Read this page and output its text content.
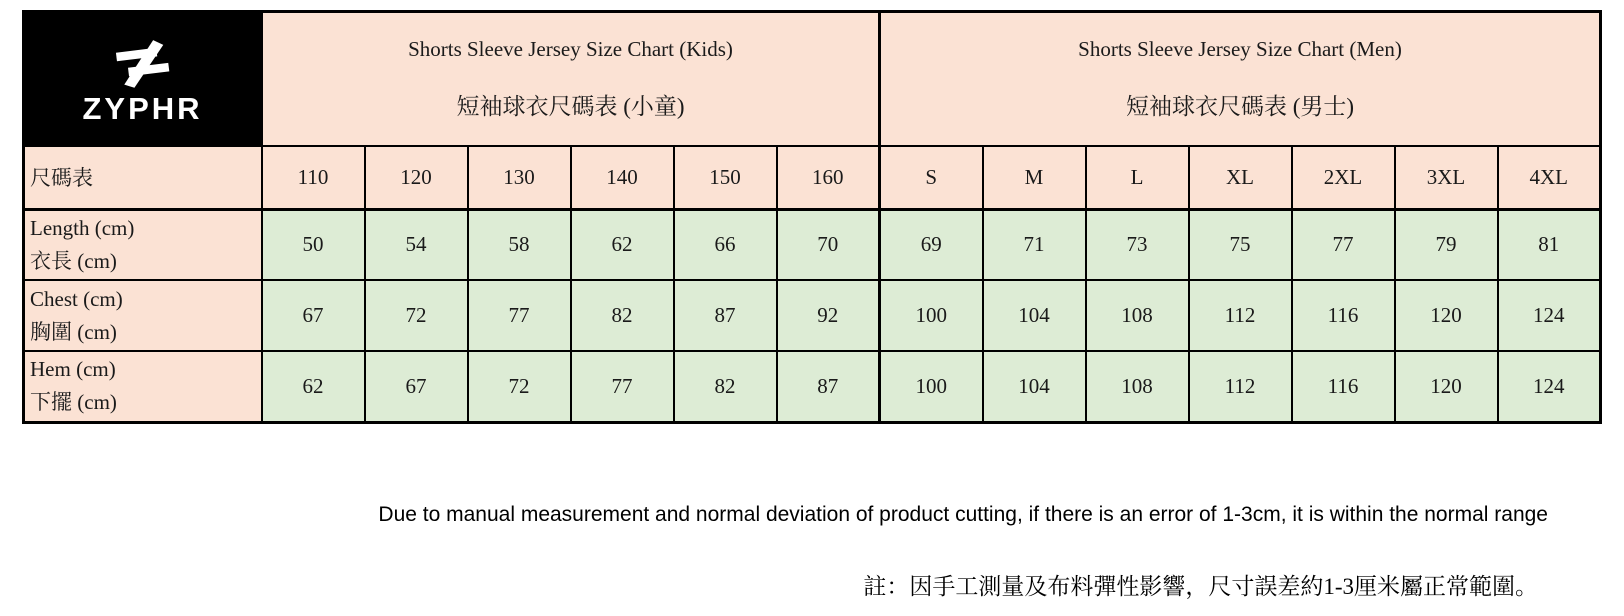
ZYPHR

Shorts Sleeve Jersey Size Chart (Kids)
短袖球衣尺碼表 (小童)

Shorts Sleeve Jersey Size Chart (Men)
短袖球衣尺碼表 (男士)

尺碼表	110	120	130	140	150	160	S	M	L	XL	2XL	3XL	4XL

Length (cm)
衣長 (cm)	50	54	58	62	66	70	69	71	73	75	77	79	81

Chest (cm)
胸圍 (cm)	67	72	77	82	87	92	100	104	108	112	116	120	124

Hem (cm)
下擺 (cm)	62	67	72	77	82	87	100	104	108	112	116	120	124
Due to manual measurement and normal deviation of product cutting, if there is an error of 1-3cm, it is within the normal range
註：因手工測量及布料彈性影響，尺寸誤差約1-3厘米屬正常範圍。
